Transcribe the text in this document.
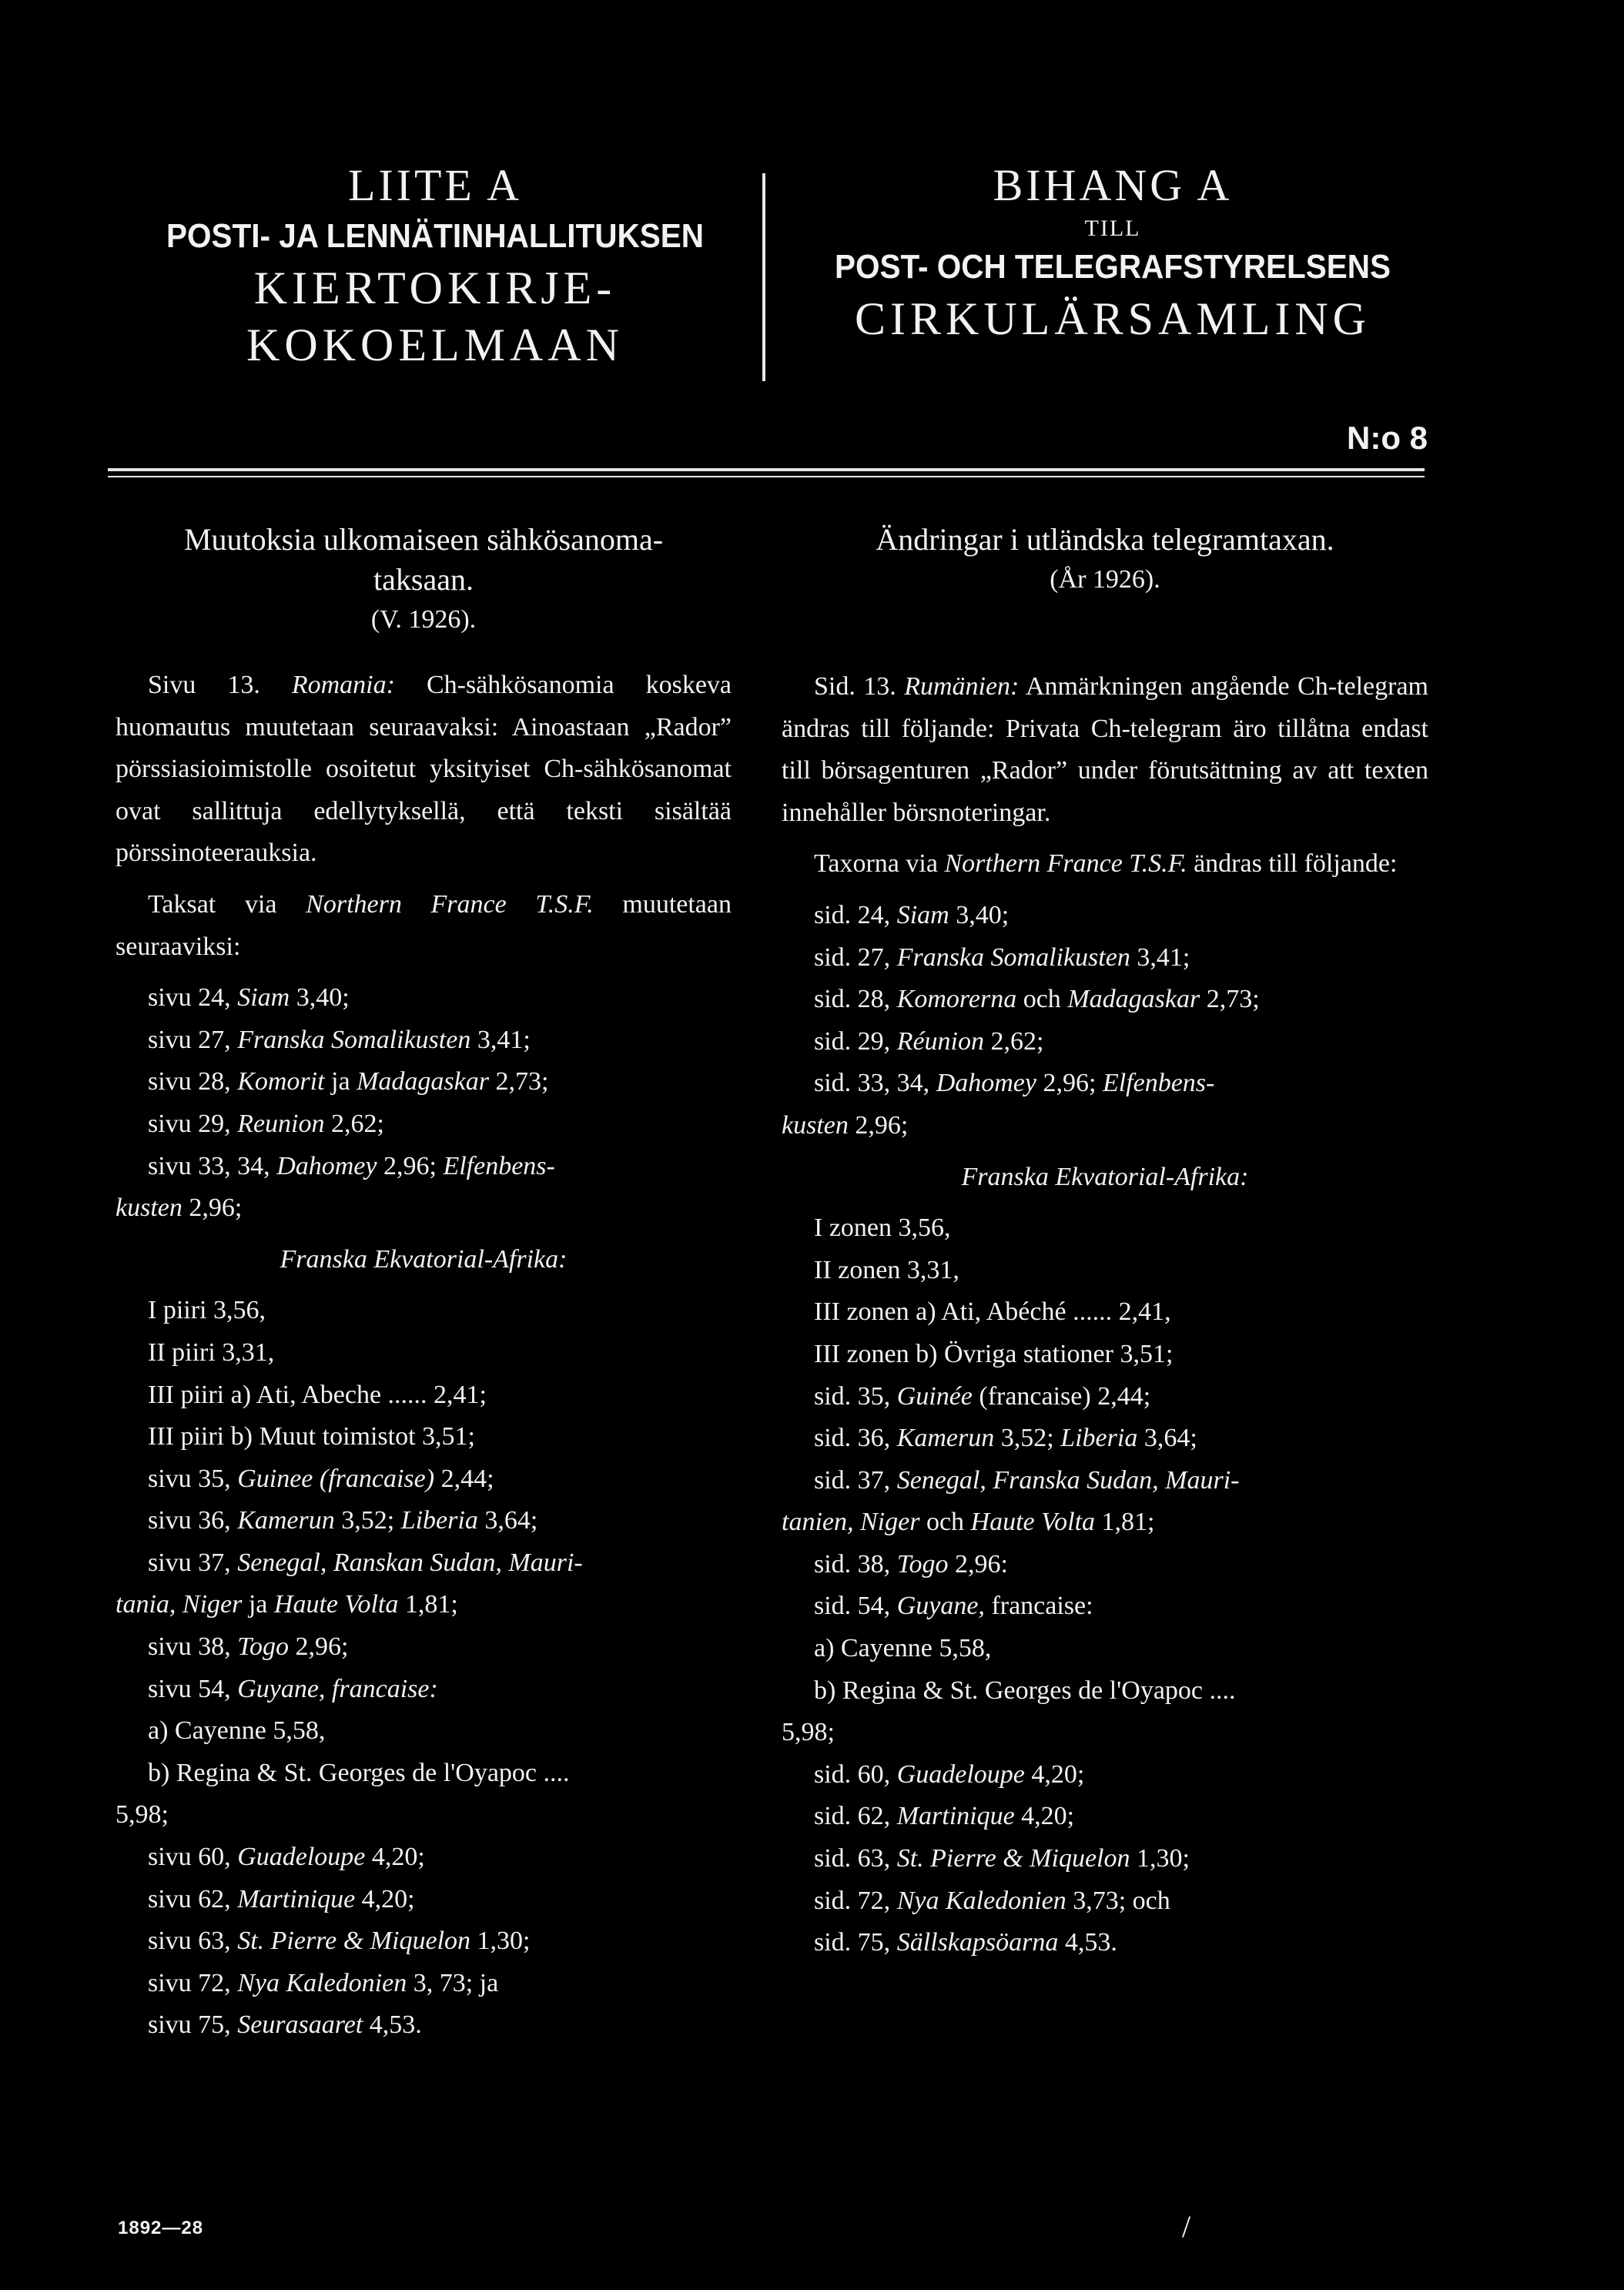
LIITE A
POSTI- JA LENNÄTINHALLITUKSEN
KIERTOKIRJE-
KOKOELMAAN
BIHANG A
TILL
POST- OCH TELEGRAFSTYRELSENS
CIRKULÄRSAMLING
N:o 8
Muutoksia ulkomaiseen sähkösanoma-
taksaan.
(V. 1926).

Sivu 13. Romania: Ch-sähkösanomia koskeva huomautus muutetaan seuraavaksi: Ainoastaan „Rador” pörssiasioimistolle osoitetut yksityiset Ch-sähkösanomat ovat sallittuja edellytyksellä, että teksti sisältää pörssinoteerauksia.

Taksat via Northern France T.S.F. muutetaan seuraaviksi:

sivu 24, Siam 3,40;
sivu 27, Franska Somalikusten 3,41;
sivu 28, Komorit ja Madagaskar 2,73;
sivu 29, Reunion 2,62;
sivu 33, 34, Dahomey 2,96; Elfenbens-
kusten 2,96;
Franska Ekvatorial-Afrika:
I piiri 3,56,
II piiri 3,31,
III piiri a) Ati, Abeche ...... 2,41;
III piiri b) Muut toimistot 3,51;
sivu 35, Guinee (francaise) 2,44;
sivu 36, Kamerun 3,52; Liberia 3,64;
sivu 37, Senegal, Ranskan Sudan, Mauri-
tania, Niger ja Haute Volta 1,81;
sivu 38, Togo 2,96;
sivu 54, Guyane, francaise:
a) Cayenne 5,58,
b) Regina & St. Georges de l'Oyapoc ....
5,98;
sivu 60, Guadeloupe 4,20;
sivu 62, Martinique 4,20;
sivu 63, St. Pierre & Miquelon 1,30;
sivu 72, Nya Kaledonien 3, 73; ja
sivu 75, Seurasaaret 4,53.
Ändringar i utländska telegramtaxan.
(År 1926).

Sid. 13. Rumänien: Anmärkningen angående Ch-telegram ändras till följande: Privata Ch-telegram äro tillåtna endast till börsagenturen „Rador” under förutsättning av att texten innehåller börsnoteringar.

Taxorna via Northern France T.S.F. ändras till följande:

sid. 24, Siam 3,40;
sid. 27, Franska Somalikusten 3,41;
sid. 28, Komorerna och Madagaskar 2,73;
sid. 29, Réunion 2,62;
sid. 33, 34, Dahomey 2,96; Elfenbens-
kusten 2,96;
Franska Ekvatorial-Afrika:
I zonen 3,56,
II zonen 3,31,
III zonen a) Ati, Abéché ...... 2,41,
III zonen b) Övriga stationer 3,51;
sid. 35, Guinée (francaise) 2,44;
sid. 36, Kamerun 3,52; Liberia 3,64;
sid. 37, Senegal, Franska Sudan, Mauri-
tanien, Niger och Haute Volta 1,81;
sid. 38, Togo 2,96:
sid. 54, Guyane, francaise:
a) Cayenne 5,58,
b) Regina & St. Georges de l'Oyapoc ....
5,98;
sid. 60, Guadeloupe 4,20;
sid. 62, Martinique 4,20;
sid. 63, St. Pierre & Miquelon 1,30;
sid. 72, Nya Kaledonien 3,73; och
sid. 75, Sällskapsöarna 4,53.
1892—28	/
